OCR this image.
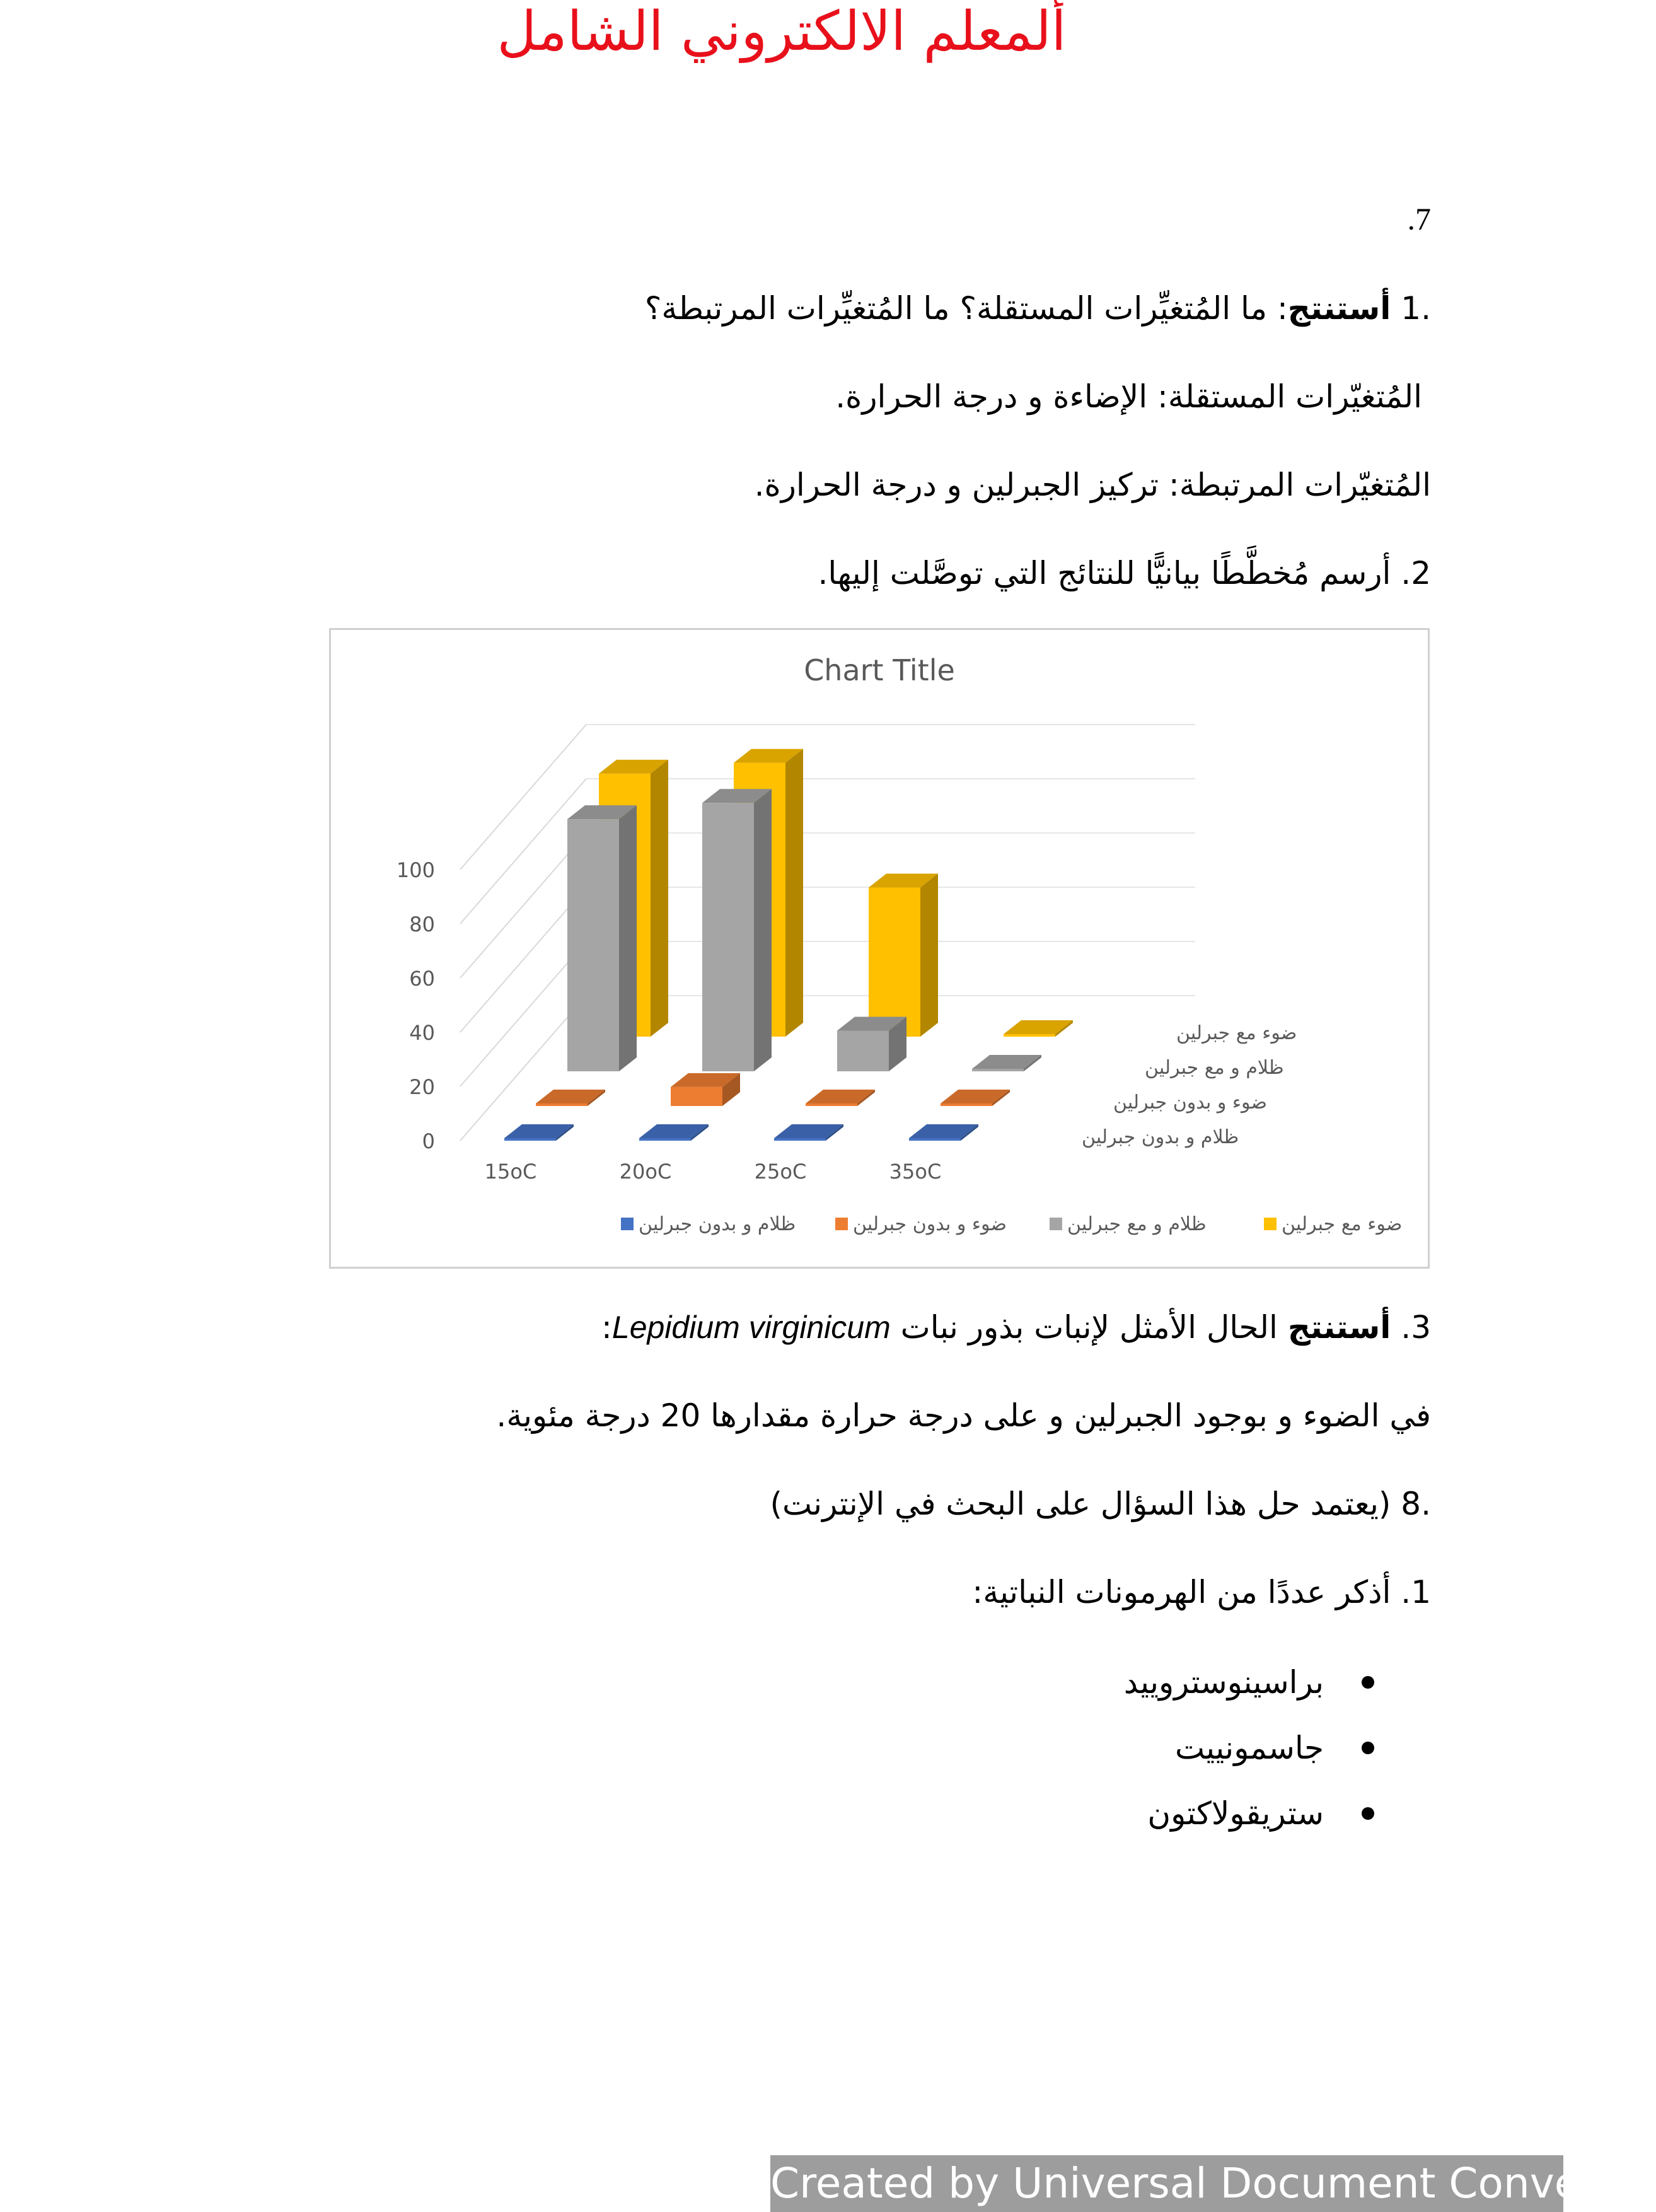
ألمعلم الالكتروني الشامل
.7
.1 أستنتج: ما المُتغيِّرات المستقلة؟ ما المُتغيِّرات المرتبطة؟
المُتغيّرات المستقلة: الإضاءة و درجة الحرارة.
المُتغيّرات المرتبطة: تركيز الجبرلين و درجة الحرارة.
2. أرسم مُخطَّطًا بيانيًّا للنتائج التي توصَّلت إليها.
Chart Title
0
20
40
60
80
100
ضوء مع جبرلين
ظلام و مع جبرلين
ضوء و بدون جبرلين
ظلام و بدون جبرلين
15oC	20oC	25oC	35oC
ضوء مع جبرلين
ظلام و مع جبرلين
ضوء و بدون جبرلين
ظلام و بدون جبرلين
3. أستنتج الحال الأمثل لإنبات بذور نبات Lepidium virginicum:
في الضوء و بوجود الجبرلين و على درجة حرارة مقدارها 20 درجة مئوية.
.8 (يعتمد حل هذا السؤال على البحث في الإنترنت)
1. أذكر عددًا من الهرمونات النباتية:
براسينوستروييد
جاسمونييت
ستريقولاكتون
Created by Universal Document Converter
